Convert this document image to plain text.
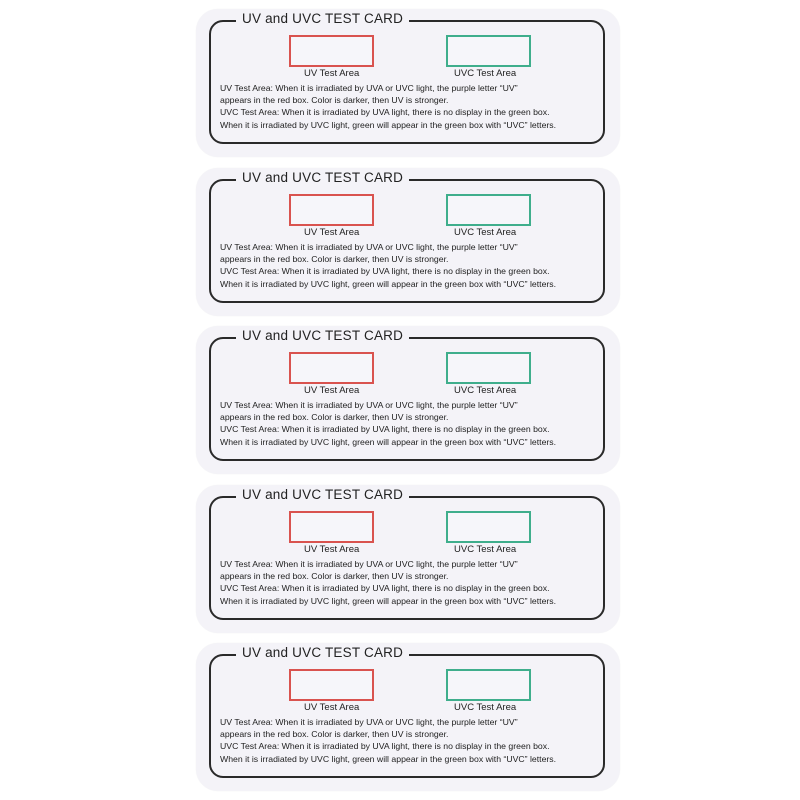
UV and UVC TEST CARD
UV Test Area	UVC Test Area
UV Test Area: When it is irradiated by UVA or UVC light, the purple letter “UV”
appears in the red box. Color is darker, then UV is stronger.
UVC Test Area: When it is irradiated by UVA light, there is no display in the green box.
When it is irradiated by UVC light, green will appear in the green box with “UVC” letters.
UV and UVC TEST CARD
UV Test Area	UVC Test Area
UV Test Area: When it is irradiated by UVA or UVC light, the purple letter “UV”
appears in the red box. Color is darker, then UV is stronger.
UVC Test Area: When it is irradiated by UVA light, there is no display in the green box.
When it is irradiated by UVC light, green will appear in the green box with “UVC” letters.
UV and UVC TEST CARD
UV Test Area	UVC Test Area
UV Test Area: When it is irradiated by UVA or UVC light, the purple letter “UV”
appears in the red box. Color is darker, then UV is stronger.
UVC Test Area: When it is irradiated by UVA light, there is no display in the green box.
When it is irradiated by UVC light, green will appear in the green box with “UVC” letters.
UV and UVC TEST CARD
UV Test Area	UVC Test Area
UV Test Area: When it is irradiated by UVA or UVC light, the purple letter “UV”
appears in the red box. Color is darker, then UV is stronger.
UVC Test Area: When it is irradiated by UVA light, there is no display in the green box.
When it is irradiated by UVC light, green will appear in the green box with “UVC” letters.
UV and UVC TEST CARD
UV Test Area	UVC Test Area
UV Test Area: When it is irradiated by UVA or UVC light, the purple letter “UV”
appears in the red box. Color is darker, then UV is stronger.
UVC Test Area: When it is irradiated by UVA light, there is no display in the green box.
When it is irradiated by UVC light, green will appear in the green box with “UVC” letters.
